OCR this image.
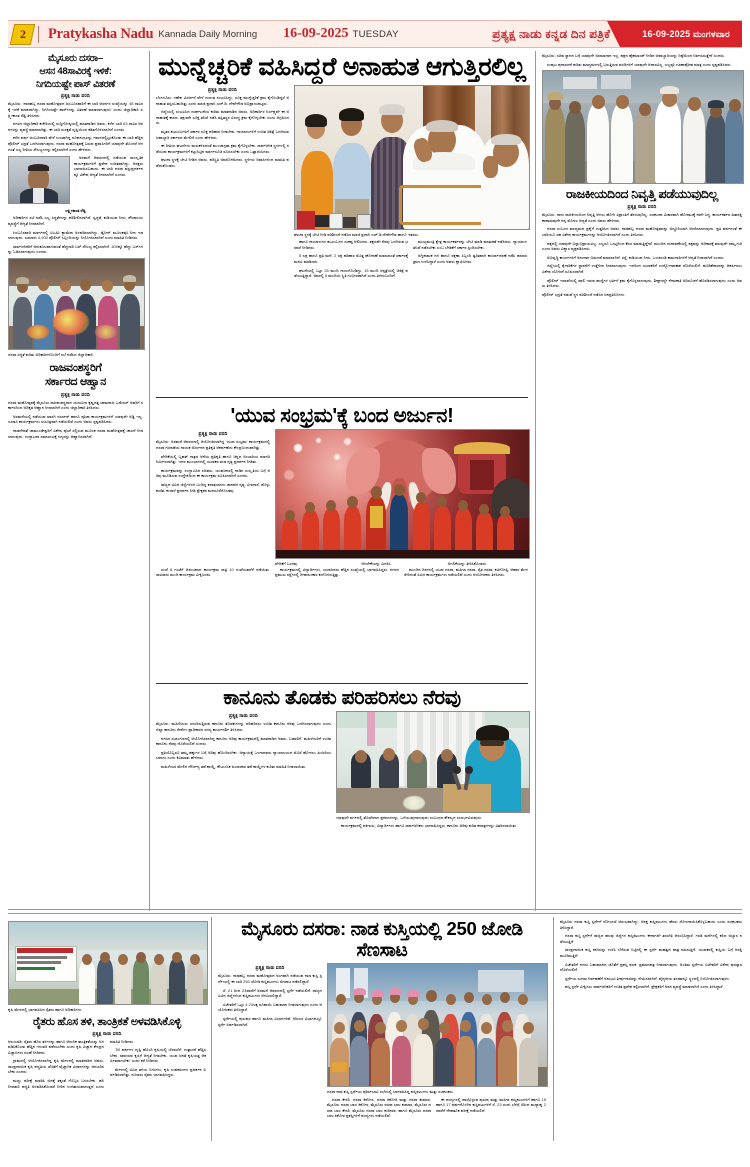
2 Pratykasha Nadu Kannada Daily Morning 16-09-2025 TUESDAY	ಪ್ರತ್ಯಕ್ಷ ನಾಡು ಕನ್ನಡ ದಿನ ಪತ್ರಿಕೆ	16-09-2025 ಮಂಗಳವಾರ
ಮೈಸೂರು ದಸರಾ–
ಆಸನ 48ಸಾವಿರಕ್ಕೆ ಇಳಿಕೆ:
ನಿಗದಿಯಷ್ಟೇ ಪಾಸ್ ವಿತರಣೆ
ಪ್ರತ್ಯಕ್ಷ ನಾಡು ವರದಿ

ಮೈಸೂರು: 'ನಾಡಹಬ್ಬ ದಸರಾ ಮಹೋತ್ಸವದ ಜಂಬೂಸವಾರಿಗೆ ಈ ಬಾರಿ ಆಸನಗಳ ಸಂಖ್ಯೆಯನ್ನು 48 ಸಾವಿರಕ್ಕೆ ಇಳಿಕೆ ಮಾಡಲಾಗಿದ್ದು, ನಿಗದಿಯಷ್ಟೇ ಪಾಸ್‌ಗಳನ್ನು ವಿತರಣೆ ಮಾಡಲಾಗುವುದು' ಎಂದು ಜಿಲ್ಲಾಧಿಕಾರಿ ಲಕ್ಷ್ಮೀಕಾಂತ ರೆಡ್ಡಿ ತಿಳಿಸಿದರು.

ನಗರದ ಜಿಲ್ಲಾಧಿಕಾರಿ ಕಚೇರಿಯಲ್ಲಿ ಸುದ್ದಿಗೋಷ್ಠಿಯಲ್ಲಿ ಮಾತನಾಡಿದ ಅವರು, ಕಳೆದ ಬಾರಿ 63 ಸಾವಿರ ಆಸನಗಳನ್ನು ವ್ಯವಸ್ಥೆ ಮಾಡಲಾಗಿತ್ತು. ಈ ಬಾರಿ ಸುರಕ್ಷತೆ ದೃಷ್ಟಿಯಿಂದ ಕಡಿತಗೊಳಿಸಲಾಗಿದೆ ಎಂದರು.

ಕಳೆದ ವರ್ಷ ಜಂಬೂಸವಾರಿ ವೇಳೆ ಉಂಟಾಗಿದ್ದ ನೂಕುನುಗ್ಗಲನ್ನು ಗಮನದಲ್ಲಿಟ್ಟುಕೊಂಡು ಈ ಬಾರಿ ಹೆಚ್ಚಿನ ಪೊಲೀಸ್ ಭದ್ರತೆ ಒದಗಿಸಲಾಗುವುದು. ದಸರಾ ಮಹೋತ್ಸವಕ್ಕೆ ಬರುವ ಪ್ರವಾಸಿಗರಿಗೆ ಯಾವುದೇ ತೊಂದರೆ ಆಗದಂತೆ ಎಲ್ಲ ರೀತಿಯ ಸೌಲಭ್ಯಗಳನ್ನು ಕಲ್ಪಿಸಲಾಗಿದೆ ಎಂದು ಹೇಳಿದರು.

ಅರಮನೆ ಆವರಣದಲ್ಲಿ ನಡೆಯುವ ಸಾಂಸ್ಕೃತಿಕ ಕಾರ್ಯಕ್ರಮಗಳಿಗೆ ಪ್ರವೇಶ ಉಚಿತವಾಗಿದ್ದು, ಆಸಕ್ತರು ಭಾಗವಹಿಸಬಹುದು. ಈ ಬಾರಿ ದಸರಾ ವಸ್ತುಪ್ರದರ್ಶನಕ್ಕೂ ವಿಶೇಷ ಆದ್ಯತೆ ನೀಡಲಾಗಿದೆ ಎಂದರು.

ಲಕ್ಷ್ಮೀಕಾಂತ ರೆಡ್ಡಿ

ಅಧಿಕಾರಿಗಳ ಸಭೆ ನಡೆಸಿ ಎಲ್ಲ ಸಿದ್ಧತೆಗಳನ್ನು ಪರಿಶೀಲಿಸಲಾಗಿದೆ. ಸ್ವಚ್ಛತೆ, ಕುಡಿಯುವ ನೀರು, ಶೌಚಾಲಯ ವ್ಯವಸ್ಥೆಗೆ ಆದ್ಯತೆ ನೀಡಲಾಗಿದೆ.

ಜಂಬೂಸವಾರಿ ಮಾರ್ಗದಲ್ಲಿ ಸಿಸಿಟಿವಿ ಕ್ಯಾಮೆರಾ ಅಳವಡಿಸಲಾಗಿದ್ದು, ಡ್ರೋನ್ ಮೂಲಕವೂ ನಿಗಾ ಇಡಲಾಗುವುದು. ಸುಮಾರು 4,900 ಪೊಲೀಸ್ ಸಿಬ್ಬಂದಿಯನ್ನು ನಿಯೋಜಿಸಲಾಗಿದೆ ಎಂದು ಮಾಹಿತಿ ನೀಡಿದರು.

ಸಾರ್ವಜನಿಕರಿಗೆ ಅನುಕೂಲವಾಗುವಂತೆ ಹೆಚ್ಚುವರಿ ಬಸ್ ಸೌಲಭ್ಯ ಕಲ್ಪಿಸಲಾಗಿದೆ. 400ಕ್ಕೂ ಹೆಚ್ಚು ಬಸ್‌ಗಳನ್ನು ಓಡಿಸಲಾಗುವುದು ಎಂದರು.

ದಸರಾ ಸಿದ್ಧತೆ ಕುರಿತು ಅಧಿಕಾರಿಗಳೊಂದಿಗೆ ಸಭೆ ನಡೆಸಿದ ಜಿಲ್ಲಾಧಿಕಾರಿ.
ರಾಜವಂಶಸ್ಥರಿಗೆ
ಸರ್ಕಾರದ ಆಹ್ವಾನ
ಪ್ರತ್ಯಕ್ಷ ನಾಡು ವರದಿ

ದಸರಾ ಮಹೋತ್ಸವಕ್ಕೆ ಮೈಸೂರು ರಾಜವಂಶಸ್ಥರಾದ ಯದುವೀರ ಕೃಷ್ಣದತ್ತ ಚಾಮರಾಜ ಒಡೆಯರ್ ಅವರಿಗೆ ಸರ್ಕಾರದಿಂದ ಅಧಿಕೃತ ಆಹ್ವಾನ ನೀಡಲಾಗಿದೆ ಎಂದು ಜಿಲ್ಲಾಧಿಕಾರಿ ತಿಳಿಸಿದರು.

ಅರಮನೆಯಲ್ಲಿ ನಡೆಯುವ ಖಾಸಗಿ ದರ್ಬಾರ್ ಹಾಗೂ ಪೂಜಾ ಕಾರ್ಯಕ್ರಮಗಳಿಗೆ ಯಾವುದೇ ಅಡ್ಡಿ ಇಲ್ಲ. ಎರಡೂ ಕಾರ್ಯಕ್ರಮಗಳು ಸುಸೂತ್ರವಾಗಿ ನಡೆಯಲಿವೆ ಎಂದು ಅವರು ಸ್ಪಷ್ಟಪಡಿಸಿದರು.

ನಾಡದೇವತೆ ಚಾಮುಂಡೇಶ್ವರಿಗೆ ವಿಶೇಷ ಪೂಜೆ ಸಲ್ಲಿಸುವ ಮೂಲಕ ದಸರಾ ಮಹೋತ್ಸವಕ್ಕೆ ಚಾಲನೆ ನೀಡಲಾಗುವುದು. ಉದ್ಘಾಟನಾ ಸಮಾರಂಭಕ್ಕೆ ಗಣ್ಯರನ್ನು ಆಹ್ವಾನಿಸಲಾಗಿದೆ.

ಮುನ್ನೆಚ್ಚರಿಕೆ ವಹಿಸಿದ್ದರೆ ಅನಾಹುತ ಆಗುತ್ತಿರಲಿಲ್ಲ
ಪ್ರತ್ಯಕ್ಷ ನಾಡು ವರದಿ

ಬೆಂಗಳೂರು: ಗಣೇಶ ವಿಸರ್ಜನೆ ವೇಳೆ ದುರಂತ ಸಂಭವಿಸಿದ್ದು, ಸೂಕ್ತ ಮುನ್ನೆಚ್ಚರಿಕೆ ಕ್ರಮ ಕೈಗೊಂಡಿದ್ದರೆ ಅನಾಹುತ ತಪ್ಪಿಸಬಹುದಿತ್ತು ಎಂದು ಮಾಜಿ ಪ್ರಧಾನಿ ಎಚ್.ಡಿ. ದೇವೇಗೌಡ ಅಭಿಪ್ರಾಯಪಟ್ಟರು.

ಜಿಲ್ಲೆಯಲ್ಲಿ ಸಂಭವಿಸಿದ ದುರ್ಘಟನೆಯ ಕುರಿತು ಮಾತನಾಡಿದ ಅವರು, ಅಧಿಕಾರಿಗಳ ನಿರ್ಲಕ್ಷ್ಯವೇ ಈ ಅನಾಹುತಕ್ಕೆ ಕಾರಣ. ತಕ್ಷಣವೇ ಸೂಕ್ತ ತನಿಖೆ ನಡೆಸಿ ತಪ್ಪಿತಸ್ಥರ ವಿರುದ್ಧ ಕ್ರಮ ಕೈಗೊಳ್ಳಬೇಕು ಎಂದು ಆಗ್ರಹಿಸಿದರು.

ಮೃತರ ಕುಟುಂಬಗಳಿಗೆ ಸರ್ಕಾರ ಸೂಕ್ತ ಪರಿಹಾರ ನೀಡಬೇಕು. ಗಾಯಾಳುಗಳಿಗೆ ಉಚಿತ ಚಿಕಿತ್ಸೆ ಒದಗಿಸುವ ಜವಾಬ್ದಾರಿ ಸರ್ಕಾರದ ಮೇಲಿದೆ ಎಂದು ಹೇಳಿದರು.

ಈ ರೀತಿಯ ಘಟನೆಗಳು ಮರುಕಳಿಸದಂತೆ ಮುಂಜಾಗ್ರತಾ ಕ್ರಮ ಕೈಗೊಳ್ಳಬೇಕು. ಸಾರ್ವಜನಿಕ ಸ್ಥಳಗಳಲ್ಲಿ ನಡೆಯುವ ಕಾರ್ಯಕ್ರಮಗಳಿಗೆ ಕಟ್ಟುನಿಟ್ಟಿನ ಮಾರ್ಗಸೂಚಿ ರೂಪಿಸಬೇಕು ಎಂದು ಒತ್ತಾಯಿಸಿದರು.

ಘಟನಾ ಸ್ಥಳಕ್ಕೆ ಭೇಟಿ ನೀಡಿದ ಅವರು, ಪರಿಸ್ಥಿತಿ ಅವಲೋಕಿಸಿದರು. ಸ್ಥಳೀಯ ನಿವಾಸಿಗಳಿಂದ ಮಾಹಿತಿ ಪಡೆದುಕೊಂಡರು.

ಘಟನಾ ಸ್ಥಳಕ್ಕೆ ಭೇಟಿ ನೀಡಿ ಪರಿಶೀಲನೆ ನಡೆಸಿದ ಮಾಜಿ ಪ್ರಧಾನಿ ಎಚ್.ಡಿ.ದೇವೇಗೌಡ ಹಾಗೂ ಇತರರು.

ಹಾಗೂ ಗಾಯಾಳುಗಳ ಕುಟುಂಬಗಳ ಸಂಕಷ್ಟ ಆಲಿಸಿದರು. ತಕ್ಷಣವೇ ನೆರವು ಒದಗಿಸುವ ಭರವಸೆ ನೀಡಿದರು.

5 ಲಕ್ಷ ಹಾಗೂ ಪ್ರತಿ ಮನೆ, 2 ಲಕ್ಷ ಪರಿಹಾರ ಮೊತ್ತ ಘೋಷಣೆ ಮಾಡುವಂತೆ ಸರ್ಕಾರಕ್ಕೆ ಮನವಿ ಮಾಡಿದರು.

ಘಟನೆಯಲ್ಲಿ ಒಟ್ಟು 25 ಮಂದಿ ಗಾಯಗೊಂಡಿದ್ದು, 15 ಮಂದಿ ಆಸ್ಪತ್ರೆಯಲ್ಲಿ ಚಿಕಿತ್ಸೆ ಪಡೆಯುತ್ತಿದ್ದಾರೆ. ಅವರಲ್ಲಿ 6 ಮಂದಿಯ ಸ್ಥಿತಿ ಗಂಭೀರವಾಗಿದೆ ಎಂದು ತಿಳಿದುಬಂದಿದೆ.

ಮುಖ್ಯಮಂತ್ರಿ ಕ್ಷೇತ್ರ ಕಾರ್ಯಕರ್ತರನ್ನು ಭೇಟಿ ಮಾಡಿ ಮಾತುಕತೆ ನಡೆಸಿದರು. ನ್ಯಾಯಾಂಗ ತನಿಖೆ ನಡೆಸಬೇಕು ಎಂಬ ಬೇಡಿಕೆಗೆ ಸರ್ಕಾರ ಸ್ಪಂದಿಸಬೇಕು.

ಅಗ್ನಿಶಾಮಕ ದಳ ಹಾಗೂ ರಕ್ಷಣಾ ಸಿಬ್ಬಂದಿ ತ್ವರಿತವಾಗಿ ಕಾರ್ಯಾಚರಣೆ ನಡೆಸಿ ಹಲವರ ಪ್ರಾಣ ಉಳಿಸಿದ್ದಾರೆ ಎಂದು ಅವರು ಶ್ಲಾಘಿಸಿದರು.

'ಯುವ ಸಂಭ್ರಮ'ಕ್ಕೆ ಬಂದ ಅರ್ಜುನ!
ಪ್ರತ್ಯಕ್ಷ ನಾಡು ವರದಿ

ಮೈಸೂರು: ಅರಮನೆ ಆವರಣದಲ್ಲಿ ಆಯೋಜಿಸಲಾಗಿದ್ದ 'ಯುವ ಸಂಭ್ರಮ' ಕಾರ್ಯಕ್ರಮದಲ್ಲಿ ದಸರಾ ಗಜಪಡೆಯ ನಾಯಕ ಅರ್ಜುನನ ಪ್ರತಿಕೃತಿ ಆಕರ್ಷಣೆಯ ಕೇಂದ್ರಬಿಂದುವಾಗಿತ್ತು.

ವೇದಿಕೆಯಲ್ಲಿ ಬೃಹತ್ ಗಾತ್ರದ ಆನೆಯ ಪ್ರತಿಕೃತಿ ಹಾಗೂ ಚಿನ್ನದ ಅಂಬಾರಿಯ ಮಾದರಿ ನಿರ್ಮಿಸಲಾಗಿತ್ತು. ಇದರ ಮುಂಭಾಗದಲ್ಲಿ ಯುವಕರ ತಂಡ ನೃತ್ಯ ಪ್ರದರ್ಶನ ನೀಡಿತು.

ಕಾರ್ಯಕ್ರಮವನ್ನು ಉದ್ಘಾಟಿಸಿದ ಸಚಿವರು, ಯುವಜನರಲ್ಲಿ ನಾಡಿನ ಸಂಸ್ಕೃತಿಯ ಬಗ್ಗೆ ಅರಿವು ಮೂಡಿಸುವ ಉದ್ದೇಶದಿಂದ ಈ ಕಾರ್ಯಕ್ರಮ ರೂಪಿಸಲಾಗಿದೆ ಎಂದರು.

ರಾಜ್ಯದ ವಿವಿಧ ಜಿಲ್ಲೆಗಳಿಂದ ಬಂದಿದ್ದ ಕಲಾತಂಡಗಳು ಜಾನಪದ ನೃತ್ಯ, ವೀರಗಾಸೆ, ಡೊಳ್ಳು ಕುಣಿತ, ಕಂಸಾಳೆ ಪ್ರದರ್ಶನ ನೀಡಿ ಪ್ರೇಕ್ಷಕರ ಮನಸೂರೆಗೊಂಡವು.

ವೇದಿಕೆಗೆ ಬಂದವು.	ಆಗಲೇಕೆಯನ್ನು ಮೀರಿಸಿ.	ಅಗಲಿಕೆಯನ್ನು ತೀರಿಸಿಕೊಂಡರು.

ಸಂಜೆ 6 ಗಂಟೆಗೆ ಆರಂಭವಾದ ಕಾರ್ಯಕ್ರಮ ರಾತ್ರಿ 10 ಗಂಟೆಯವರೆಗೆ ನಡೆಯಿತು. ಸಾವಿರಾರು ಮಂದಿ ಕಾರ್ಯಕ್ರಮ ವೀಕ್ಷಿಸಿದರು.

ಕಾರ್ಯಕ್ರಮದಲ್ಲಿ ವಿದ್ಯಾರ್ಥಿಗಳು, ಯುವಜನರು ಹೆಚ್ಚಿನ ಸಂಖ್ಯೆಯಲ್ಲಿ ಭಾಗವಹಿಸಿದ್ದರು. ನಗರದ ಪ್ರಮುಖ ರಸ್ತೆಗಳಲ್ಲಿ ದೀಪಾಲಂಕಾರ ಕಂಗೊಳಿಸುತ್ತಿತ್ತು.

ಮುಂದಿನ ದಿನಗಳಲ್ಲಿ ಯುವ ದಸರಾ, ಮಹಿಳಾ ದಸರಾ, ರೈತ ದಸರಾ, ಕವಿಗೋಷ್ಠಿ, ಆಹಾರ ಮೇಳ ಸೇರಿದಂತೆ ವಿವಿಧ ಕಾರ್ಯಕ್ರಮಗಳು ನಡೆಯಲಿವೆ ಎಂದು ಆಯೋಜಕರು ತಿಳಿಸಿದರು.

ಕಾನೂನು ತೊಡಕು ಪರಿಹರಿಸಲು ನೆರವು
ಪ್ರತ್ಯಕ್ಷ ನಾಡು ವರದಿ

ಮೈಸೂರು: ಮಹಿಳೆಯರು ಎದುರಿಸುತ್ತಿರುವ ಕಾನೂನು ತೊಡಕುಗಳನ್ನು ಪರಿಹರಿಸಲು ಉಚಿತ ಕಾನೂನು ನೆರವು ಒದಗಿಸಲಾಗುವುದು ಎಂದು ಜಿಲ್ಲಾ ಕಾನೂನು ಸೇವೆಗಳ ಪ್ರಾಧಿಕಾರದ ಸದಸ್ಯ ಕಾರ್ಯದರ್ಶಿ ತಿಳಿಸಿದರು.

ನಗರದ ಸಭಾಂಗಣದಲ್ಲಿ ಆಯೋಜಿಸಲಾಗಿದ್ದ ಕಾನೂನು ಅರಿವು ಕಾರ್ಯಕ್ರಮದಲ್ಲಿ ಮಾತನಾಡಿದ ಅವರು, ಬಡವರಿಗೆ, ಮಹಿಳೆಯರಿಗೆ ಉಚಿತ ಕಾನೂನು ನೆರವು ದೊರೆಯಲಿದೆ ಎಂದರು.

ಪ್ರತಿಯೊಬ್ಬರೂ ತಮ್ಮ ಹಕ್ಕುಗಳ ಬಗ್ಗೆ ಅರಿವು ಹೊಂದಿರಬೇಕು. ಅನ್ಯಾಯಕ್ಕೆ ಒಳಗಾದವರು ನ್ಯಾಯಾಲಯದ ಮೊರೆ ಹೋಗಲು ಹಿಂಜರಿಯಬಾರದು ಎಂದು ಕಿವಿಮಾತು ಹೇಳಿದರು.

ಮಹಿಳೆಯರ ಮೇಲಿನ ದೌರ್ಜನ್ಯ ತಡೆ ಕಾಯ್ದೆ, ಕೌಟುಂಬಿಕ ಹಿಂಸಾಚಾರ ತಡೆ ಕಾಯ್ದೆಗಳ ಕುರಿತು ಮಾಹಿತಿ ನೀಡಲಾಯಿತು.

ಯಾವುದೇ ವರ್ಗದಲ್ಲಿ ತೊಡಗಿದಾಗ ಪ್ರಕರಣಗಳನ್ನು, ಒಗೆಯುವುದಾಗುವುದು ಸಂಬಂಧದ ಕೌಶಲ್ಯದ ಸಂದರ್ಭವಿರುವುದು.

ಕಾರ್ಯಕ್ರಮದಲ್ಲಿ ವಕೀಲರು, ವಿದ್ಯಾರ್ಥಿಗಳು ಹಾಗೂ ಸಾರ್ವಜನಿಕರು ಭಾಗವಹಿಸಿದ್ದರು. ಕಾನೂನು ಅರಿವು ಕುರಿತ ಕರಪತ್ರಗಳನ್ನು ವಿತರಿಸಲಾಯಿತು.

ಮೈಸೂರು: ಸಚಿವ ಸ್ಥಾನದ ಬಗ್ಗೆ ಯಾವುದೇ ಅಸಮಾಧಾನ ಇಲ್ಲ. ಪಕ್ಷದ ಹೈಕಮಾಂಡ್ ನೀಡಿದ ಜವಾಬ್ದಾರಿಯನ್ನು ನಿಷ್ಠೆಯಿಂದ ನಿರ್ವಹಿಸುತ್ತೇನೆ ಎಂದರು.

ಸಂಪುಟ ಪುನಾರಚನೆ ಕುರಿತು ಮಾಧ್ಯಮಗಳಲ್ಲಿ ಬರುತ್ತಿರುವ ವರದಿಗಳಿಗೆ ಯಾವುದೇ ಆಧಾರವಿಲ್ಲ. ಎಲ್ಲವೂ ಊಹಾಪೋಹ ಮಾತ್ರ ಎಂದು ಸ್ಪಷ್ಟಪಡಿಸಿದರು.

ರಾಜಕೀಯದಿಂದ ನಿವೃತ್ತಿ ಪಡೆಯುವುದಿಲ್ಲ
ಪ್ರತ್ಯಕ್ಷ ನಾಡು ವರದಿ

ಮೈಸೂರು: ನಾನು ರಾಜಕೀಯದಿಂದ ನಿವೃತ್ತಿ ಆಗಲು ಹೋಗಿ ವಿಶ್ರಾಂತಿಗೆ ತೆರಳುವುದಿಲ್ಲ. ಸಂಘಟನಾ ವಿಚಾರವಾಗಿ ಹೋರಾಟಕ್ಕೆ ನಾನೇ ಸಿದ್ಧ. ಕಾರ್ಯಕರ್ತರ ಹಿತಾಸಕ್ತಿ ಕಾಪಾಡುವುದೇ ನನ್ನ ಮೊದಲ ಆದ್ಯತೆ ಎಂದು ಅವರು ಹೇಳಿದರು.

ದಸರಾ ಸಂಬಂಧ ಮಾಧ್ಯಮದ ಪ್ರಶ್ನೆಗೆ ಉತ್ತರಿಸಿದ ಅವರು, ನಾಡಹಬ್ಬ ದಸರಾ ಮಹೋತ್ಸವವನ್ನು ಅದ್ಧೂರಿಯಾಗಿ ಆಚರಿಸಲಾಗುವುದು. ಪ್ರತಿ ವರ್ಷದಂತೆ ಈ ಬಾರಿಯೂ ಸಹ ವಿಶೇಷ ಕಾರ್ಯಕ್ರಮಗಳನ್ನು ಆಯೋಜಿಸಲಾಗಿದೆ ಎಂದು ತಿಳಿಸಿದರು.

ಪಕ್ಷದಲ್ಲಿ ಯಾವುದೇ ಭಿನ್ನಾಭಿಪ್ರಾಯವಿಲ್ಲ. ಎಲ್ಲರೂ ಒಗ್ಗಟ್ಟಿನಿಂದ ಕೆಲಸ ಮಾಡುತ್ತಿದ್ದೇವೆ. ಮುಂದಿನ ಚುನಾವಣೆಯಲ್ಲಿ ಪಕ್ಷವನ್ನು ಅಧಿಕಾರಕ್ಕೆ ತರುವುದೇ ನಮ್ಮ ಗುರಿ ಎಂದು ಅವರು ವಿಶ್ವಾಸ ವ್ಯಕ್ತಪಡಿಸಿದರು.

ಅಭಿವೃದ್ಧಿ ಕಾರ್ಯಗಳಿಗೆ ಅನುದಾನ ಬಿಡುಗಡೆ ಮಾಡಲಾಗಿದೆ. ರಸ್ತೆ, ಕುಡಿಯುವ ನೀರು, ಒಳಚರಂಡಿ ಕಾಮಗಾರಿಗಳಿಗೆ ಆದ್ಯತೆ ನೀಡಲಾಗಿದೆ ಎಂದರು.

ಜಿಲ್ಲೆಯಲ್ಲಿ ಕೈಗಾರಿಕೆಗಳ ಸ್ಥಾಪನೆಗೆ ಉತ್ತೇಜನ ನೀಡಲಾಗುವುದು. ಇದರಿಂದ ಯುವಕರಿಗೆ ಉದ್ಯೋಗಾವಕಾಶ ದೊರೆಯಲಿದೆ. ಹೂಡಿಕೆದಾರರನ್ನು ಆಕರ್ಷಿಸಲು ವಿಶೇಷ ಯೋಜನೆ ರೂಪಿಸಲಾಗಿದೆ.

ಪೊಲೀಸ್ ಇಲಾಖೆಯಲ್ಲಿ ಖಾಲಿ ಇರುವ ಹುದ್ದೆಗಳ ಭರ್ತಿಗೆ ಕ್ರಮ ಕೈಗೊಳ್ಳಲಾಗುವುದು. ಶೀಘ್ರದಲ್ಲೇ ನೇಮಕಾತಿ ಅಧಿಸೂಚನೆ ಹೊರಡಿಸಲಾಗುವುದು ಎಂದು ಅವರು ತಿಳಿಸಿದರು.

ಪೊಲೀಸ್ ಭದ್ರತೆ ನಡುವೆ ಸ್ಥಳ ಪರಿಶೀಲನೆ ನಡೆಸಿದ ಜನಪ್ರತಿನಿಧಿಗಳು.
ಕೃಷಿ ಮೇಳದಲ್ಲಿ ಭಾಗವಹಿಸಿದ ರೈತರು ಹಾಗೂ ಅಧಿಕಾರಿಗಳು.
ರೈತರು ಹೊಸ ತಳಿ, ತಾಂತ್ರಿಕತೆ ಅಳವಡಿಸಿಕೊಳ್ಳಿ
ಪ್ರತ್ಯಕ್ಷ ನಾಡು ವರದಿ

ಆಲಂಬಾಡಿ: ರೈತರು ಹೊಸ ತಳಿಗಳನ್ನು ಹಾಗೂ ಆಧುನಿಕ ತಾಂತ್ರಿಕತೆಯನ್ನು ಅಳವಡಿಸಿಕೊಂಡು ಹೆಚ್ಚಿನ ಇಳುವರಿ ಪಡೆಯಬೇಕು ಎಂದು ಕೃಷಿ ವಿಜ್ಞಾನ ಕೇಂದ್ರದ ವಿಜ್ಞಾನಿಗಳು ಸಲಹೆ ನೀಡಿದರು.

ಗ್ರಾಮದಲ್ಲಿ ಆಯೋಜಿಸಲಾಗಿದ್ದ ಕೃಷಿ ಮೇಳದಲ್ಲಿ ಮಾತನಾಡಿದ ಅವರು, ಸಾಂಪ್ರದಾಯಿಕ ಕೃಷಿ ಪದ್ಧತಿಯ ಜೊತೆಗೆ ವೈಜ್ಞಾನಿಕ ವಿಧಾನಗಳನ್ನು ಅನುಸರಿಸಬೇಕು ಎಂದರು.

ಮಣ್ಣು ಪರೀಕ್ಷೆ ಮಾಡಿಸಿ ಅದಕ್ಕೆ ತಕ್ಕಂತೆ ಗೊಬ್ಬರ ಬಳಸಬೇಕು. ಹನಿ ನೀರಾವರಿ ಪದ್ಧತಿ ಅಳವಡಿಸಿಕೊಂಡರೆ ನೀರಿನ ಉಳಿತಾಯವಾಗುತ್ತದೆ ಎಂದು ಮಾಹಿತಿ ನೀಡಿದರು.

'50 ವರ್ಷಗಳ ದೃಷ್ಟಿ ಹೊಂದಿ ಕೃಷಿಯಲ್ಲಿ ಬೆಳವಣಿಗೆ, ಉತ್ಪಾದನೆ ಹೆಚ್ಚಿಸಬೇಕು. ಸಾವಯವ ಕೃಷಿಗೆ ಆದ್ಯತೆ ನೀಡಬೇಕು. ಯುವ ಜನತೆ ಕೃಷಿಯತ್ತ ಆಕರ್ಷಿತರಾಗಬೇಕು' ಎಂದು ಕರೆ ನೀಡಿದರು.

ಮೇಳದಲ್ಲಿ ವಿವಿಧ ತಳಿಯ ಬೀಜಗಳು, ಕೃಷಿ ಉಪಕರಣಗಳ ಪ್ರದರ್ಶನ ಏರ್ಪಡಿಸಲಾಗಿತ್ತು. ನೂರಾರು ರೈತರು ಭಾಗವಹಿಸಿದ್ದರು.

ಮೈಸೂರು ದಸರಾ: ನಾಡ ಕುಸ್ತಿಯಲ್ಲಿ 250 ಜೋಡಿ ಸೆಣಸಾಟ
ಪ್ರತ್ಯಕ್ಷ ನಾಡು ವರದಿ

ಮೈಸೂರು: ನಾಡಹಬ್ಬ ದಸರಾ ಮಹೋತ್ಸವದ ಅಂಗವಾಗಿ ನಡೆಯುವ ನಾಡ ಕುಸ್ತಿ ಸ್ಪರ್ಧೆಯಲ್ಲಿ ಈ ಬಾರಿ 250 ಜೋಡಿ ಕುಸ್ತಿಪಟುಗಳು ಸೆಣಸಾಟ ನಡೆಸಲಿದ್ದಾರೆ.

ಸೆ. 21 ರಿಂದ 23ರವರೆಗೆ ಅರಮನೆ ಆವರಣದಲ್ಲಿ ಸ್ಪರ್ಧೆ ನಡೆಯಲಿದೆ. ರಾಜ್ಯದ ವಿವಿಧ ಜಿಲ್ಲೆಗಳಿಂದ ಕುಸ್ತಿಪಟುಗಳು ಆಗಮಿಸಲಿದ್ದಾರೆ.

ವಿಜೇತರಿಗೆ ಒಟ್ಟು 4.23ಲಕ್ಷ ರೂಪಾಯಿ ಬಹುಮಾನ ನೀಡಲಾಗುವುದು ಎಂದು ಆಯೋಜಕರು ತಿಳಿಸಿದ್ದಾರೆ.

ಸ್ಪರ್ಧೆಯಲ್ಲಿ ಪುರುಷರ ಹಾಗೂ ಮಹಿಳಾ ವಿಭಾಗಗಳಿವೆ. ಕಿರಿಯರ ವಿಭಾಗದಲ್ಲೂ ಸ್ಪರ್ಧೆ ಏರ್ಪಡಿಸಲಾಗಿದೆ.

ದಸರಾ ನಾಡ ಕುಸ್ತಿ ಸ್ಪರ್ಧೆಯ ಪೂರ್ವಭಾವಿ ಸಭೆಯಲ್ಲಿ ಭಾಗವಹಿಸಿದ್ದ ಕುಸ್ತಿಪಟುಗಳು ಮತ್ತು ಸಂಘಟಕರು.

ದಸರಾ ಕೇಸರಿ, ದಸರಾ ಕಿಶೋರ, ದಸರಾ ಕಿಶೋರಿ ಮತ್ತು ದಸರಾ ಕುಮಾರ, ಮೈಸೂರು ದಸರಾ ಬಾಲ ಕಿಶೋರ, ಮೈಸೂರು ದಸರಾ ಬಾಲ ಕುಮಾರ, ಮೈಸೂರು ದಸರಾ ಬಾಲ ಕೇಸರಿ, ಮೈಸೂರು ದಸರಾ ಬಾಲ ಕಂಠೀರವ, ಹಾಗೂ ಮೈಸೂರು ದಸರಾ ಬಾಲ ಕಿಶೋರ ಪ್ರಶಸ್ತಿಗಳಿಗೆ ಪಂದ್ಯಗಳು ನಡೆಯಲಿವೆ.

ಈ ಪಂದ್ಯಗಳಲ್ಲಿ ಪಾಲ್ಗೊಳ್ಳುವ ಪುರುಷ ಮತ್ತು ಮಹಿಳಾ ಕುಸ್ತಿಪಟುಗಳಿಗೆ ಹಾಗೂ 15 ಹಾಗೂ 17 ವರ್ಷದೊಳಗಿನ ಕುಸ್ತಿಪಟುಗಳಿಗೆ ಸೆ. 23 ರಂದು ಬೆಳಿಗ್ಗೆ 8ರಿಂದ ಮಧ್ಯಾಹ್ನ 2ರವರೆಗೆ ದೇಹತೂಕ ಪರೀಕ್ಷೆ ನಡೆಯಲಿದೆ.

ಮೈಸೂರು ದಸರಾ ಕುಸ್ತಿ ಸ್ಪರ್ಧೆಗೆ ನೋಂದಣಿ ಆರಂಭವಾಗಿದ್ದು, ಆಸಕ್ತ ಕುಸ್ತಿಪಟುಗಳು ಹೆಸರು ನೋಂದಾಯಿಸಿಕೊಳ್ಳಬಹುದು ಎಂದು ಸಂಘಟಕರು ತಿಳಿಸಿದ್ದಾರೆ.

ದಸರಾ ಕುಸ್ತಿ ಸ್ಪರ್ಧೆಗೆ ರಾಜ್ಯದ ಹಲವು ಜಿಲ್ಲೆಗಳ ಕುಸ್ತಿಪಟುಗಳು ಈಗಾಗಲೇ ತರಬೇತಿ ಆರಂಭಿಸಿದ್ದಾರೆ. ಗರಡಿ ಮನೆಗಳಲ್ಲಿ ಕಠಿಣ ಅಭ್ಯಾಸ ನಡೆಯುತ್ತಿದೆ.

ಸಾಂಪ್ರದಾಯಿಕ ಕುಸ್ತಿ ಕಲೆಯನ್ನು ಉಳಿಸಿ ಬೆಳೆಸುವ ನಿಟ್ಟಿನಲ್ಲಿ ಈ ಸ್ಪರ್ಧೆ ಮಹತ್ವದ ಪಾತ್ರ ವಹಿಸುತ್ತಿದೆ. ಯುವಕರಲ್ಲಿ ಕುಸ್ತಿಯ ಬಗ್ಗೆ ಆಸಕ್ತಿ ಮೂಡಿಸುತ್ತಿದೆ.

ವಿಜೇತರಿಗೆ ನಗದು ಬಹುಮಾನದ ಜೊತೆಗೆ ಪ್ರಶಸ್ತಿ ಫಲಕ, ಪ್ರಮಾಣಪತ್ರ ನೀಡಲಾಗುವುದು. ಅಂತಿಮ ಸ್ಪರ್ಧೆಯ ವಿಜೇತರಿಗೆ ವಿಶೇಷ ಪುರಸ್ಕಾರ ದೊರೆಯಲಿದೆ.

ಸ್ಪರ್ಧೆಯ ಸುಗಮ ನಿರ್ವಹಣೆಗೆ ಅನುಭವಿ ತೀರ್ಪುಗಾರರನ್ನು ನೇಮಿಸಲಾಗಿದೆ. ವೈದ್ಯಕೀಯ ತಂಡವನ್ನೂ ಸ್ಥಳದಲ್ಲಿ ನಿಯೋಜಿಸಲಾಗುವುದು.

ಕುಸ್ತಿ ಸ್ಪರ್ಧೆ ವೀಕ್ಷಿಸಲು ಸಾರ್ವಜನಿಕರಿಗೆ ಉಚಿತ ಪ್ರವೇಶ ಕಲ್ಪಿಸಲಾಗಿದೆ. ಪ್ರೇಕ್ಷಕರಿಗೆ ಆಸನ ವ್ಯವಸ್ಥೆ ಮಾಡಲಾಗಿದೆ ಎಂದು ತಿಳಿಸಿದ್ದಾರೆ.
